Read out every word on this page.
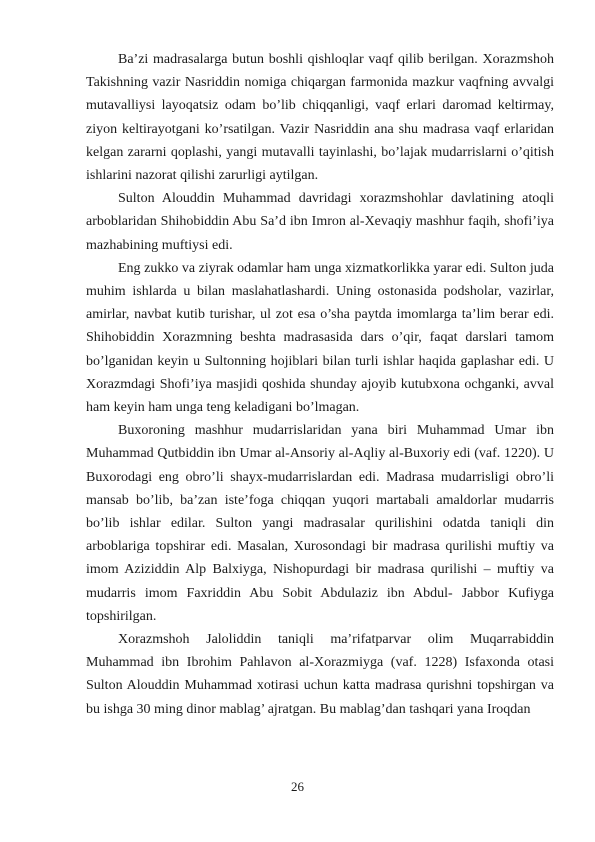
Ba’zi madrasalarga butun boshli qishloqlar vaqf qilib berilgan. Xorazmshoh Takishning vazir Nasriddin nomiga chiqargan farmonida mazkur vaqfning avvalgi mutavalliysi layoqatsiz odam bo’lib chiqqanligi, vaqf erlari daromad keltirmay, ziyon keltirayotgani ko’rsatilgan. Vazir Nasriddin ana shu madrasa vaqf erlaridan kelgan zararni qoplashi, yangi mutavalli tayinlashi, bo’lajak mudarrislarni o’qitish ishlarini nazorat qilishi zarurligi aytilgan.

Sulton Alouddin Muhammad davridagi xorazmshohlar davlatining atoqli arboblaridan Shihobiddin Abu Sa’d ibn Imron al-Xevaqiy mashhur faqih, shofi’iya mazhabining muftiysi edi.

Eng zukko va ziyrak odamlar ham unga xizmatkorlikka yarar edi. Sulton juda muhim ishlarda u bilan maslahatlashardi. Uning ostonasida podsholar, vazirlar, amirlar, navbat kutib turishar, ul zot esa o’sha paytda imomlarga ta’lim berar edi. Shihobiddin Xorazmning beshta madrasasida dars o’qir, faqat darslari tamom bo’lganidan keyin u Sultonning hojiblari bilan turli ishlar haqida gaplashar edi. U Xorazmdagi Shofi’iya masjidi qoshida shunday ajoyib kutubxona ochganki, avval ham keyin ham unga teng keladigani bo’lmagan.

Buxoroning mashhur mudarrislaridan yana biri Muhammad Umar ibn Muhammad Qutbiddin ibn Umar al-Ansoriy al-Aqliy al-Buxoriy edi (vaf. 1220). U Buxorodagi eng obro’li shayx-mudarrislardan edi. Madrasa mudarrisligi obro’li mansab bo’lib, ba’zan iste’foga chiqqan yuqori martabali amaldorlar mudarris bo’lib ishlar edilar. Sulton yangi madrasalar qurilishini odatda taniqli din arboblariga topshirar edi. Masalan, Xurosondagi bir madrasa qurilishi muftiy va imom Aziziddin Alp Balxiyga, Nishopurdagi bir madrasa qurilishi – muftiy va mudarris imom Faxriddin Abu Sobit Abdulaziz ibn Abdul- Jabbor Kufiyga topshirilgan.

Xorazmshoh Jaloliddin taniqli ma’rifatparvar olim Muqarrabiddin Muhammad ibn Ibrohim Pahlavon al-Xorazmiyga (vaf. 1228) Isfaxonda otasi Sulton Alouddin Muhammad xotirasi uchun katta madrasa qurishni topshirgan va bu ishga 30 ming dinor mablag’ ajratgan. Bu mablag’dan tashqari yana Iroqdan

26
